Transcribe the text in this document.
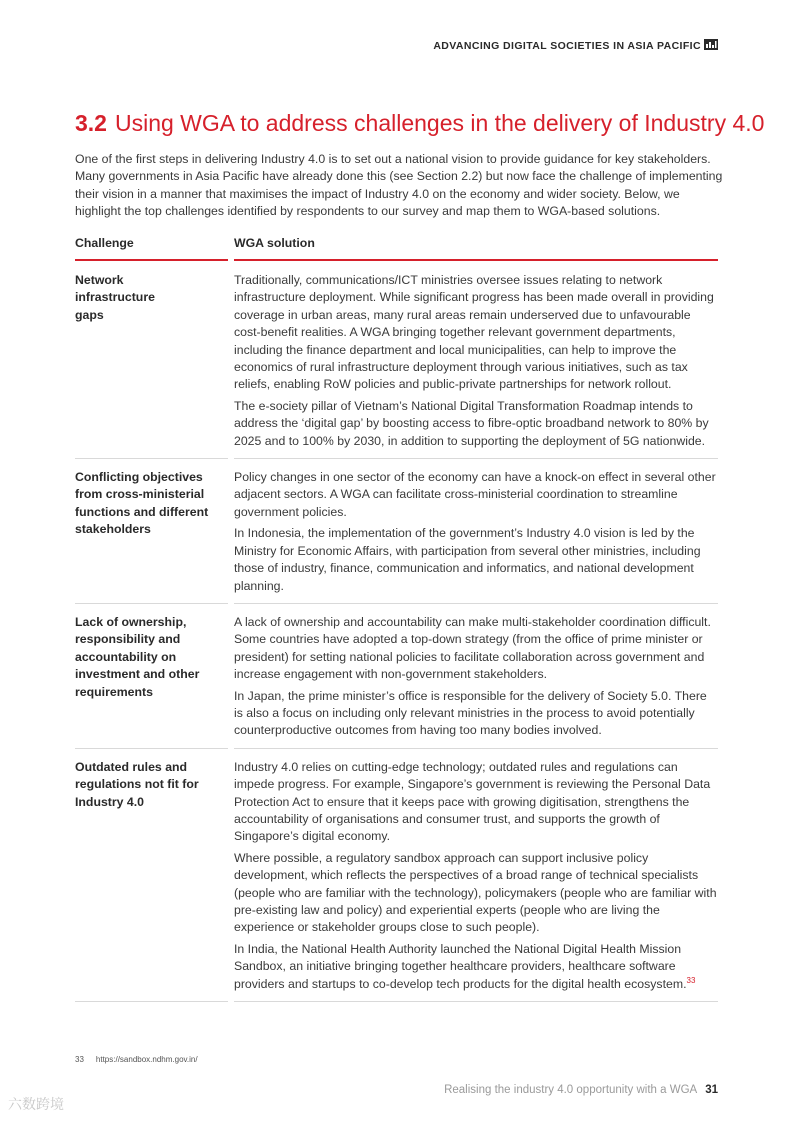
ADVANCING DIGITAL SOCIETIES IN ASIA PACIFIC
3.2 Using WGA to address challenges in the delivery of Industry 4.0
One of the first steps in delivering Industry 4.0 is to set out a national vision to provide guidance for key stakeholders. Many governments in Asia Pacific have already done this (see Section 2.2) but now face the challenge of implementing their vision in a manner that maximises the impact of Industry 4.0 on the economy and wider society. Below, we highlight the top challenges identified by respondents to our survey and map them to WGA-based solutions.
Challenge	WGA solution
Network infrastructure gaps

Traditionally, communications/ICT ministries oversee issues relating to network infrastructure deployment. While significant progress has been made overall in providing coverage in urban areas, many rural areas remain underserved due to unfavourable cost-benefit realities. A WGA bringing together relevant government departments, including the finance department and local municipalities, can help to improve the economics of rural infrastructure deployment through various initiatives, such as tax reliefs, enabling RoW policies and public-private partnerships for network rollout.

The e-society pillar of Vietnam’s National Digital Transformation Roadmap intends to address the ‘digital gap’ by boosting access to fibre-optic broadband network to 80% by 2025 and to 100% by 2030, in addition to supporting the deployment of 5G nationwide.

Conflicting objectives from cross-ministerial functions and different stakeholders

Policy changes in one sector of the economy can have a knock-on effect in several other adjacent sectors. A WGA can facilitate cross-ministerial coordination to streamline government policies.

In Indonesia, the implementation of the government’s Industry 4.0 vision is led by the Ministry for Economic Affairs, with participation from several other ministries, including those of industry, finance, communication and informatics, and national development planning.

Lack of ownership, responsibility and accountability on investment and other requirements

A lack of ownership and accountability can make multi-stakeholder coordination difficult. Some countries have adopted a top-down strategy (from the office of prime minister or president) for setting national policies to facilitate collaboration across government and increase engagement with non-government stakeholders.

In Japan, the prime minister’s office is responsible for the delivery of Society 5.0. There is also a focus on including only relevant ministries in the process to avoid potentially counterproductive outcomes from having too many bodies involved.

Outdated rules and regulations not fit for Industry 4.0

Industry 4.0 relies on cutting-edge technology; outdated rules and regulations can impede progress. For example, Singapore’s government is reviewing the Personal Data Protection Act to ensure that it keeps pace with growing digitisation, strengthens the accountability of organisations and consumer trust, and supports the growth of Singapore’s digital economy.

Where possible, a regulatory sandbox approach can support inclusive policy development, which reflects the perspectives of a broad range of technical specialists (people who are familiar with the technology), policymakers (people who are familiar with pre-existing law and policy) and experiential experts (people who are living the experience or stakeholder groups close to such people).

In India, the National Health Authority launched the National Digital Health Mission Sandbox, an initiative bringing together healthcare providers, healthcare software providers and startups to co-develop tech products for the digital health ecosystem.$^{33}$

33 https://sandbox.ndhm.gov.in/
Realising the industry 4.0 opportunity with a WGA 31
六数跨境
